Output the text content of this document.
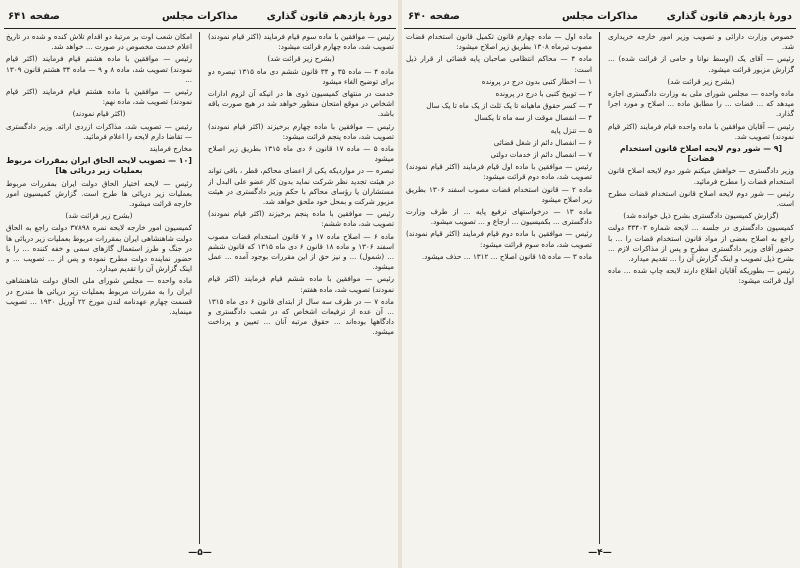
دورهٔ یازدهم قانون گذاری
مذاکرات مجلس
صفحه ۶۴۱

رئیس — موافقین با ماده سوم قیام فرمایند (اکثر قیام نمودند) تصویب شد، ماده چهارم قرائت میشود:

(بشرح زیر قرائت شد)

ماده ۴ — ماده ۳۵ و ۳۴ قانون ششم دی ماه ۱۳۱۵ تبصره دو برای توضیح الغاء میشود

خدمت در منتهای کمیسیون ذوی ها در انیکه آن لزوم ادارات اشخاص در موقع امتحان منظور خواهد شد در هیچ صورت باقه باشد.

رئیس — موافقین با ماده چهارم برخیزند (اکثر قیام نمودند) تصویب شد، ماده پنجم قرائت میشود:

ماده ۵ — ماده ۱۷ قانون ۶ دی ماه ۱۳۱۵ بطریق زیر اصلاح میشود

تبصره — در مواردیکه یکی از اعضای محاکم، قطر ، باقی تواند در هیئت تجدید نظر شرکت نماید بدون کار عضو علی البدل از مستشاران یا رؤسای محاکم با حکم وزیر دادگستری در هیئت مزبور شرکت و بمحل خود ملحق خواهد شد.

رئیس — موافقین با ماده پنجم برخیزند (اکثر قیام نمودند) تصویب شد، ماده ششم:

ماده ۶ — اصلاح ماده ۱۷ و ۷ قانون استخدام قضات مصوب اسفند ۱۳۰۶ و ماده ۱۸ قانون ۶ دی ماه ۱۳۱۵ که قانون ششم ... (شمول) ... و نیز حق از این مقررات بوجود آمده ... عمل میشود.

رئیس — موافقین با ماده ششم قیام فرمایند (اکثر قیام نمودند) تصویب شد، ماده هفتم:

ماده ۷ — در ظرف سه سال از ابتدای قانون ۶ دی ماه ۱۳۱۵ ... آن عده از ترفیعات اشخاص که در شعب دادگستری و دادگاهها بوده‌اند ... حقوق مرتبه آنان ... تعیین و پرداخت میشود.

امکان شعب اوت بر مرتبهٔ دو اقدام تلاش کنده و شده در تاریخ اعلام خدمت مخصوص در صورت ... خواهد شد.

رئیس — موافقین با ماده هشتم قیام فرمایند (اکثر قیام نمودند) تصویب شد، ماده ۸ و ۹ — ماده ۳۴ هشتم قانون ۱۳۰۹ ...

رئیس — موافقین با ماده هشتم قیام فرمایند (اکثر قیام نمودند) تصویب شد، ماده نهم:

(اکثر قیام نمودند)

رئیس — تصویب شد، مذاکرات ازردی ارائه. وزیر دادگستری — تقاضا دارم لایحه را اعلام فرمائید.

مخارج فرمایند

[۱۰ — تصویب لایحه الحاق ایران بمقررات مربوط بعملیات زیر دریائی ها]

رئیس — لایحه اختیار الحاق دولت ایران بمقررات مربوط بعملیات زیر دریائی ها طرح است. گزارش کمیسیون امور خارجه قرائت میشود.

(بشرح زیر قرائت شد)

کمیسیون امور خارجه لایحه نمره ۳۷۸۹۸ دولت راجع به الحاق دولت شاهنشاهی ایران بمقررات مربوط بعملیات زیر دریائی ها در جنگ و طرز استعمال گازهای سمی و خفه کننده ... را با حضور نماینده دولت مطرح نموده و پس از ... تصویب ... و اینک گزارش آن را تقدیم میدارد.

ماده واحده — مجلس شورای ملی الحاق دولت شاهنشاهی ایران را به مقررات مربوط بعملیات زیر دریائی ها مندرج در قسمت چهارم عهدنامه لندن مورخ ۲۲ آوریل ۱۹۳۰ ... تصویب مینماید.

—۵—
دورهٔ یازدهم قانون گذاری
مذاکرات مجلس
صفحه ۶۴۰

خصوص وزارت دارائی و تصویب وزیر امور خارجه خریداری شد.

رئیس — آقای یک (اوسط نوانا و حامی از قرائت شده) ... گزارش مزبور قرائت میشود.

(بشرح زیر قرائت شد)

ماده واحده — مجلس شورای ملی به وزارت دادگستری اجازه میدهد که ... قضات ... را مطابق ماده ... اصلاح و مورد اجرا گذارد.

رئیس — آقایان موافقین با ماده واحده قیام فرمایند (اکثر قیام نمودند) تصویب شد.

[۹ — شور دوم لایحه اصلاح قانون استخدام قضات]

وزیر دادگستری — خواهش میکنم شور دوم لایحه اصلاح قانون استخدام قضات را مطرح فرمائید.

رئیس — شور دوم لایحه اصلاح قانون استخدام قضات مطرح است.

(گزارش کمیسیون دادگستری بشرح ذیل خوانده شد)

کمیسیون دادگستری در جلسه ... لایحه شماره ۳۳۴۰۳ دولت راجع به اصلاح بعضی از مواد قانون استخدام قضات را ... با حضور آقای وزیر دادگستری مطرح و پس از مذاکرات لازم ... بشرح ذیل تصویب و اینک گزارش آن را ... تقدیم میدارد.

رئیس — بطوریکه آقایان اطلاع دارند لایحه چاپ شده ... ماده اول قرائت میشود:

ماده اول — ماده چهارم قانون تکمیل قانون استخدام قضات مصوب تیرماه ۱۳۰۸ بطریق زیر اصلاح میشود:

ماده ۴ — محاکم انتظامی صاحبان پایه قضائی از قرار ذیل است:

۱ — اخطار کتبی بدون درج در پرونده

۲ — توبیخ کتبی با درج در پرونده

۳ — کسر حقوق ماهیانه تا یک ثلث از یک ماه تا یک سال

۴ — انفصال موقت از سه ماه تا یکسال

۵ — تنزل پایه

۶ — انفصال دائم از شغل قضائی

۷ — انفصال دائم از خدمات دولتی

رئیس — موافقین با ماده اول قیام فرمایند (اکثر قیام نمودند) تصویب شد، ماده دوم قرائت میشود:

ماده ۲ — قانون استخدام قضات مصوب اسفند ۱۳۰۶ بطریق زیر اصلاح میشود

ماده ۱۳ — درخواستهای ترفیع پایه ... از طرف وزارت دادگستری ... بکمیسیون ... ارجاع و ... تصویب میشود.

رئیس — موافقین با ماده دوم قیام فرمایند (اکثر قیام نمودند) تصویب شد، ماده سوم قرائت میشود:

ماده ۳ — ماده ۱۵ قانون اصلاح ... ۱۳۱۲ ... حذف میشود.

—۴—
